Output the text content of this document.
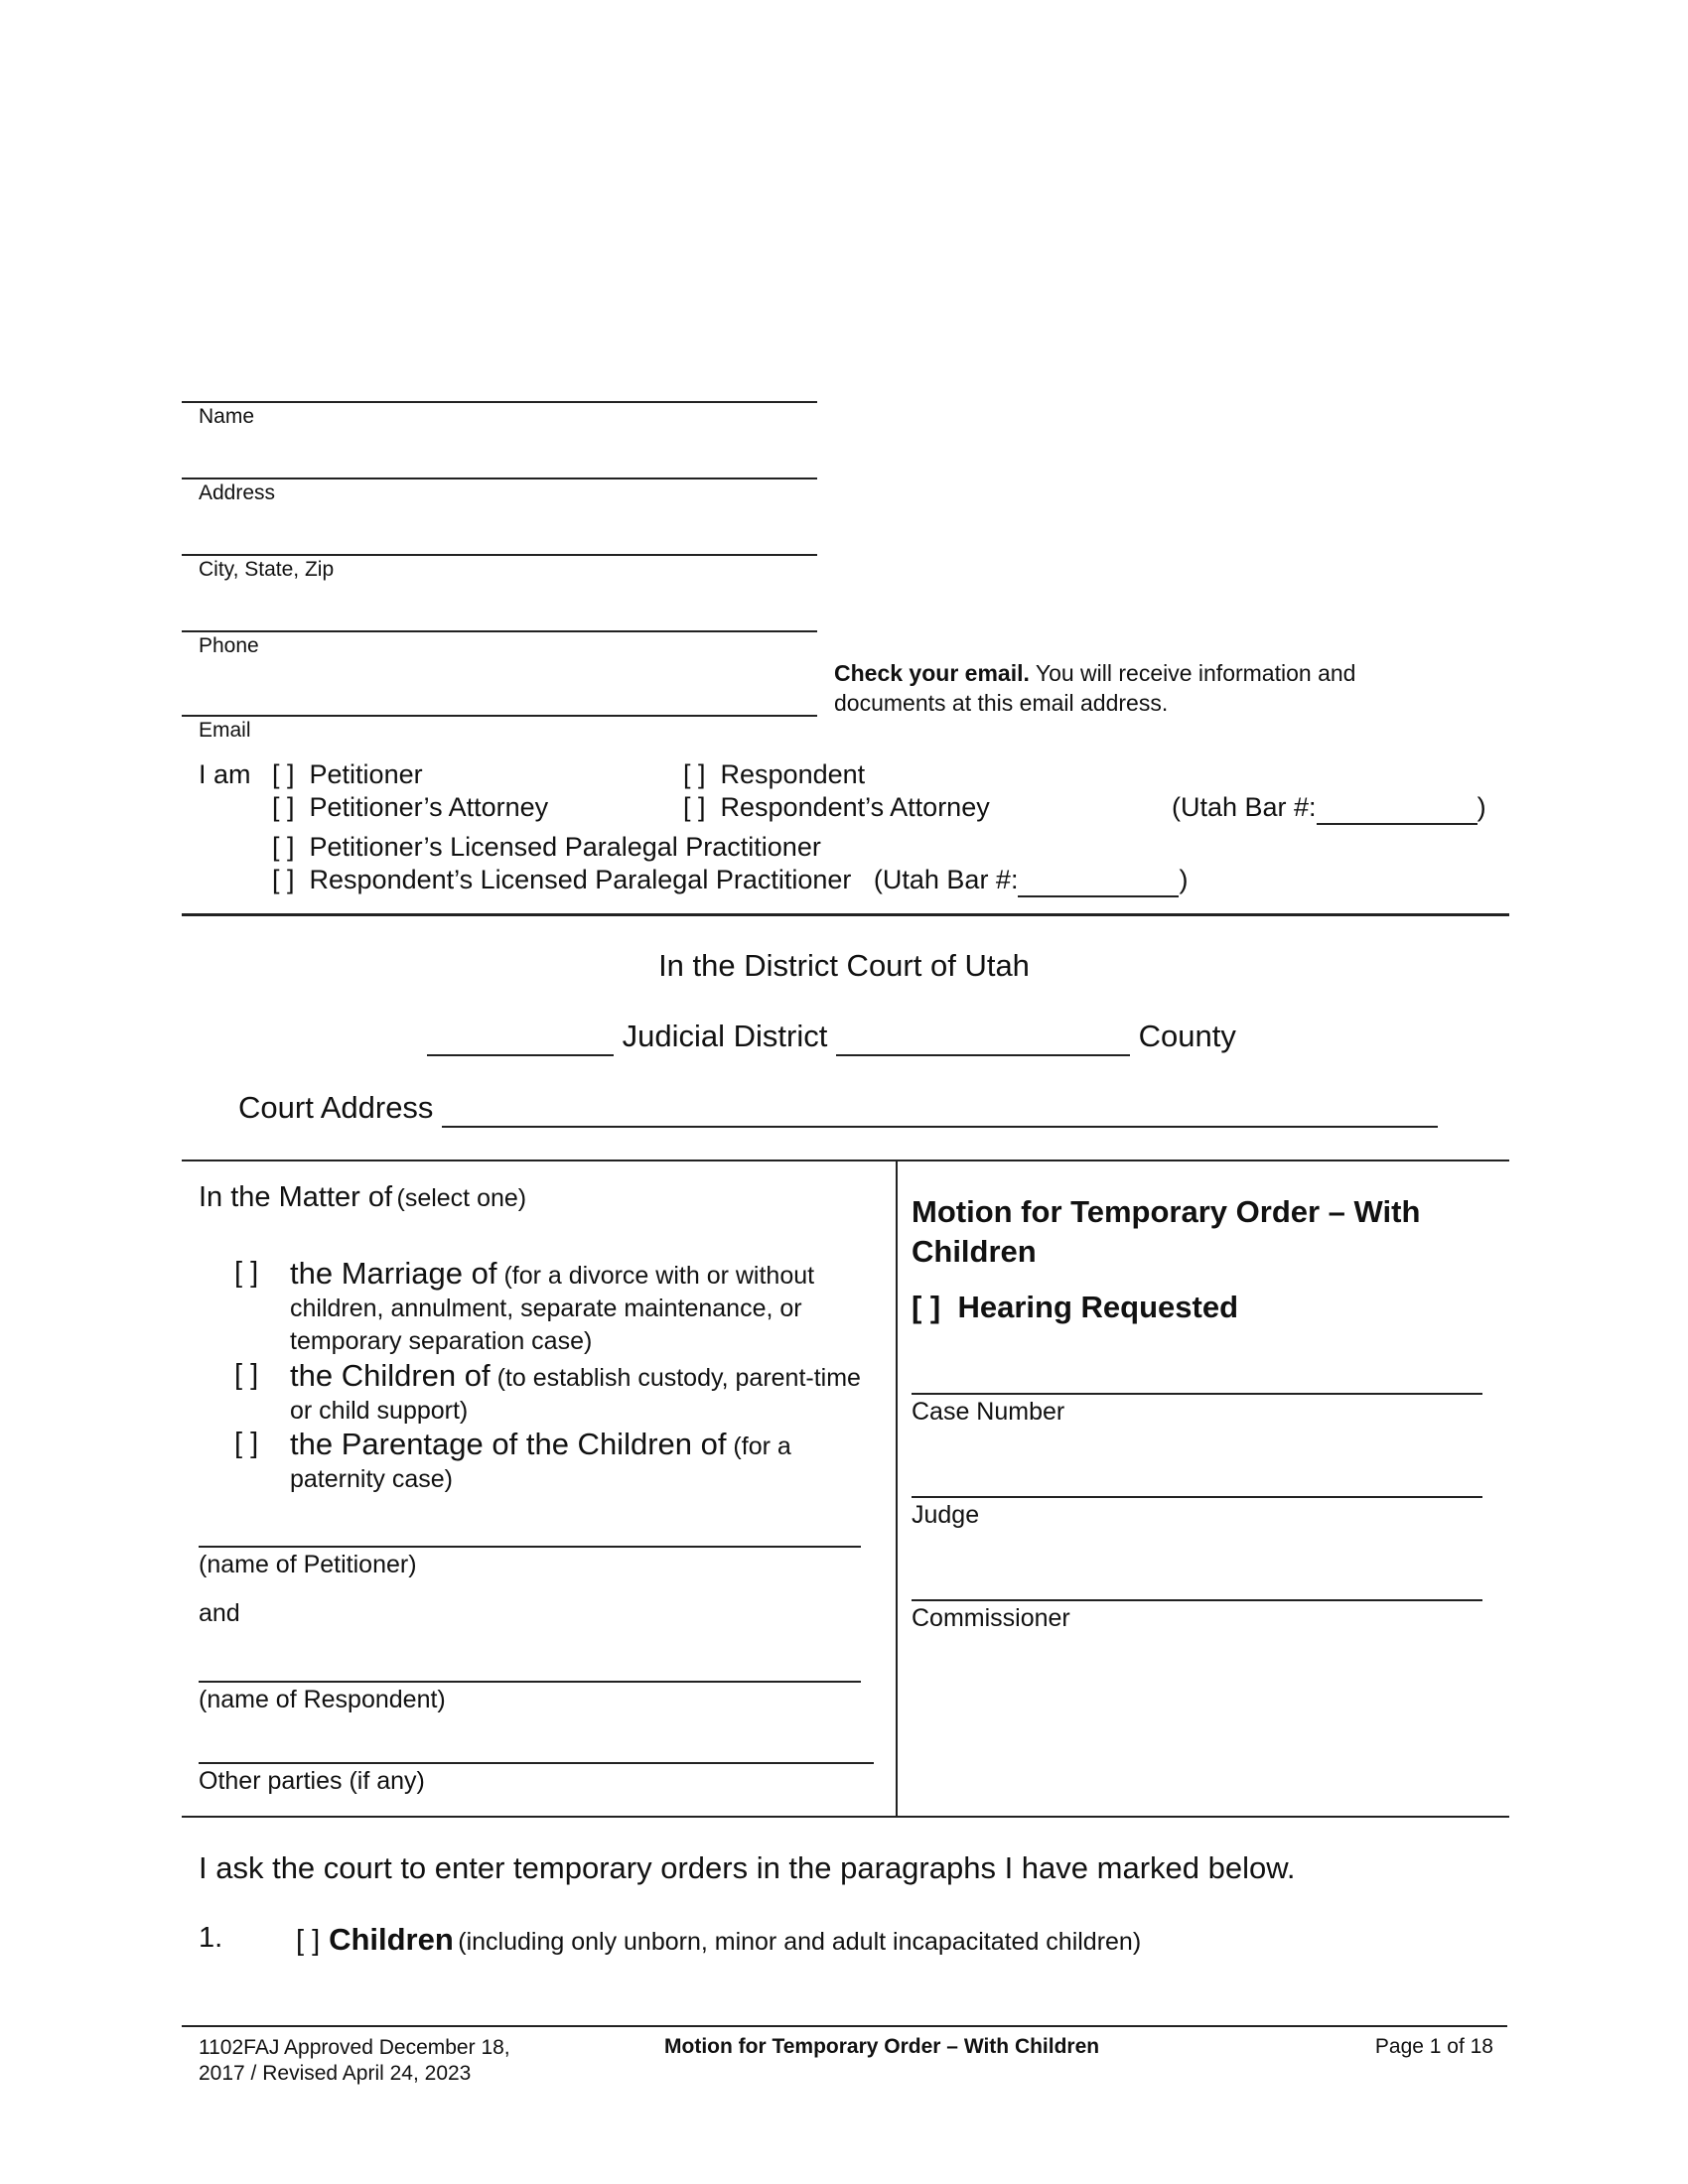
Name
Address
City, State, Zip
Phone
Email
Check your email. You will receive information and documents at this email address.
I am [ ] Petitioner	[ ] Respondent
[ ] Petitioner’s Attorney	[ ] Respondent’s Attorney	(Utah Bar #:	)
[ ] Petitioner’s Licensed Paralegal Practitioner
[ ] Respondent’s Licensed Paralegal Practitioner (Utah Bar #:	)
In the District Court of Utah
Judicial District	County
Court Address
In the Matter of (select one)
[ ] the Marriage of (for a divorce with or without children, annulment, separate maintenance, or temporary separation case)
[ ] the Children of (to establish custody, parent-time or child support)
[ ] the Parentage of the Children of (for a paternity case)
(name of Petitioner)
and
(name of Respondent)
Other parties (if any)
Motion for Temporary Order – With Children
[ ] Hearing Requested
Case Number
Judge
Commissioner
I ask the court to enter temporary orders in the paragraphs I have marked below.
1.	[ ] Children (including only unborn, minor and adult incapacitated children)
1102FAJ Approved December 18, 2017 / Revised April 24, 2023
Motion for Temporary Order – With Children	Page 1 of 18
